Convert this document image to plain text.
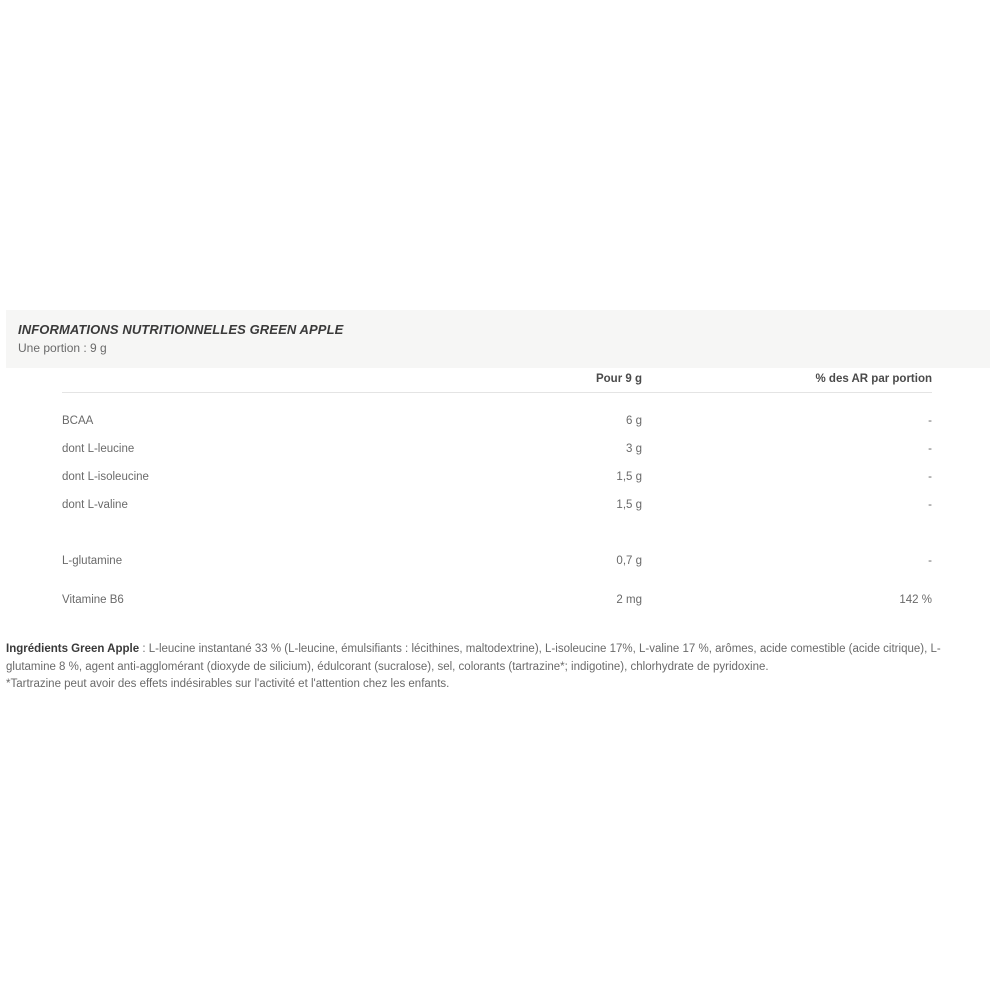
INFORMATIONS NUTRITIONNELLES GREEN APPLE
Une portion : 9 g
Pour 9 g	% des AR par portion
BCAA	6 g	-
dont L-leucine	3 g	-
dont L-isoleucine	1,5 g	-
dont L-valine	1,5 g	-
L-glutamine	0,7 g	-
Vitamine B6	2 mg	142 %
Ingrédients Green Apple : L-leucine instantané 33 % (L-leucine, émulsifiants : lécithines, maltodextrine), L-isoleucine 17%, L-valine 17 %, arômes, acide comestible (acide citrique), L-glutamine 8 %, agent anti-agglomérant (dioxyde de silicium), édulcorant (sucralose), sel, colorants (tartrazine*; indigotine), chlorhydrate de pyridoxine.
*Tartrazine peut avoir des effets indésirables sur l'activité et l'attention chez les enfants.
